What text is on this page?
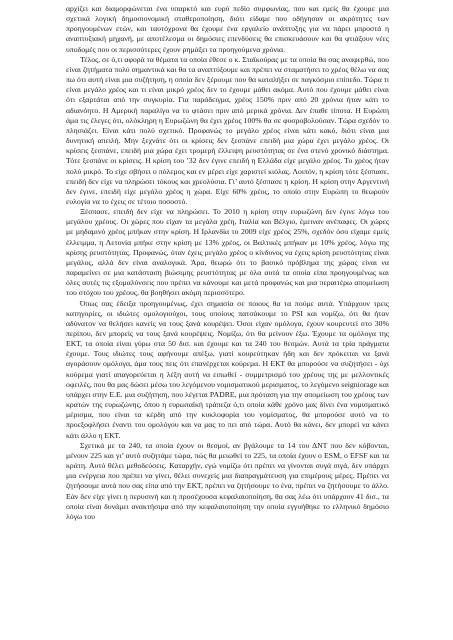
αρχίζει και διαμορφώνεται ένα υπαρκτό και ευρύ πεδίο συμφωνίας, που και εμείς θα έχουμε μια σχετικά λογική δημοσιονομική σταθεροποίηση, διότι είδαμε που οδήγησαν οι ακρότητες των προηγουμένων ετών, και ταυτόχρονα θα έχουμε ένα εργαλείο ανάπτυξης για να πάρει μπροστά η αναπτυξιακή μηχανή, με αποτέλεσμα οι δημόσιες επενδύσεις θα επισκευάσουν και θα φτιάξουν νέες υποδομές που οι περισσότερες έχουν ρημάξει τα προηγούμενα χρόνια.

Τέλος, σε ό,τι αφορά τα θέματα τα οποία έθεσε ο κ. Σταϊκούρας με τα οποία θα σας αναφερθώ, που είναι ζητήματα πολύ σημαντικά και θα τα αναπτύξουμε και πρέπει να σταματήσει το χρέος θέλω να σας πω ότι αυτή είναι μια συζήτηση, η οποία δεν ξέρουμε που θα καταλήξει σε παγκόσμιο επίπεδο. Τώρα τι είναι μεγάλο χρέος και τι είναι μικρό χρέος δεν το έχουμε μάθει ακόμα. Αυτό που έχουμε μάθει είναι ότι εξαρτάται από την συγκυρία. Για παράδειγμα, χρέος 150% πριν από 20 χρόνια ήταν κάτι το αδιανόητο. Η Αμερική παραλίγο να το φτάσει πριν από μερικά χρόνια. Δεν έπαθε τίποτα. Η Ευρώπη άμα τις έλεγες ότι, ολόκληρη η Ευρωζώνη θα έχει χρέος 100% θα σε φυσροβολούσαν. Τώρα σχεδόν το πλησιάζει. Είναι κάτι πολύ σχετικό. Προφανώς το μεγάλο χρέος είναι κάτι κακό, διότι είναι μια δυνητική απειλή. Μην ξεχνάτε ότι οι κρίσεις δεν ξεσπάνε επειδή μια χώρα έχει μεγάλο χρέος. Οι κρίσεις ξεσπάνε, επειδή μια χώρα έχει τρομερή έλλειψη ρευστότητας σε ένα στενό χρονικό διάστημα. Τότε ξεσπάνε οι κρίσεις. Η κρίση του ’32 δεν έγινε επειδή η Ελλάδα είχε μεγάλο χρέος. Το χρέος ήταν πολύ μικρό. Το είχε σβήσει ο πόλεμος και εν μέρει είχε χαριστεί κιόλας. Λοιπόν, η κρίση τότε ξέσπασε, επειδή δεν είχε να πληρώσει τόκους και χρεολύσια. Γι’ αυτό ξέσπασε η κρίση. Η κρίση στην Αργεντινή δεν έγινε, επειδή είχε μεγάλο χρέος η χώρα. Είχε 60% χρέος, το οποίο στην Ευρώπη το θεωρούν ευλογία να το έχεις σε τέτοιο ποσοστό.

Ξέσπασε, επειδή δεν είχε να πληρώσει. Το 2010 η κρίση στην ευρωζώνη δεν έγινε λόγω του μεγάλου χρέους. Οι χώρες που είχαν τα μεγάλα χρέη, Ιταλία και Βέλγιο, έμειναν ανέπαφες. Οι χώρες με μηδαμινό χρέος μπήκαν στην κρίση. Η Ιρλανδία το 2009 είχε χρέος 25%, σχεδόν όσο είχαμε εμείς έλλειμμα, η Λετονία μπήκε στην κρίση με 13% χρέος, οι Βαλτικές μπήκαν με 10% χρέος, λόγω της κρίσης ρευστότητας. Προφανώς, όταν έχεις μεγάλο χρέος ο κίνδυνος να έχεις κρίση ρευστότητας είναι μεγάλος, αλλά δεν είναι αναλογικά. Άρα, θεωρώ ότι το βασικό πρόβλημα της χώρας είναι να παραμείνει σε μια κατάσταση βιώσιμης ρευστότητας με όλα αυτά τα οποία είπα προηγουμένως και όλες αυτές τις εξομαλύνσεις που πρέπει να κάνουμε και μετά προφανώς και μια περαιτέρω απομείωση του στόχου του χρέους, θα βοηθήσει ακόμη περισσότερο.

Όπως σας έδειξα προηγουμένως, έχει σημασία σε ποιους θα τα πούμε αυτά. Υπάρχουν τρεις κατηγορίες, οι ιδιώτες ομολογιούχοι, τους οποίους πατσάκουμε το PSI και νομίζω, ότι θα ήταν αδύνατον να θελήσει κανείς να τους ξανά κουρέψει. Όσοι είχαν ομόλογα, έχουν κουρευτεί στο 30% περίπου, δεν μπορείς να τους ξανά κουρέψεις. Νομίζω, ότι θα μείνουν έξω. Έχουμε τα ομόλογα της ΕΚΤ, τα οποία είναι γύρω στα 50 δισ. και έχουμε και τα 240 του θεσμών. Αυτά τα τρία πράγματα έχουμε. Τους ιδιώτες τους αφήνουμε απέξω, γιατί κουρεύτηκαν ήδη και δεν πρόκειται να ξανά αγοράσουν ομόλογα, άμα τους πεις ότι επανέρχεται κούρεμα. Η ΕΚΤ θα μπορούσε να συζητήσει - όχι κούρεμα γιατί απαγορεύεται η λέξη αυτή να ειπωθεί - συμμετρισμό του χρέους της με μελλοντικές οφειλές, που θα μας δώσει μέσω του λεγόμενου νομισματικού μερισματος, το λεγόμενο seigniorage και υπάρχει στην Ε.Ε. μια συζήτηση, που λέγεται PADRE, μια πρόταση για την απομείωση του χρέους των κρατών της ευρωζώνης, όπου η ευρωπαϊκή τράπεζα ό,τι οποία κάθε χρόνο μας δίνει ένα νομισματικό μέρισμα, που είναι τα κέρδη από την κυκλοφορία του νομίσματος, θα μπορούσε αυτό να το προεξοφλήσει έναντι του ομολόγου και να μας το πει από τώρα. Αυτό θα κάνει, δεν μπορεί να κάνει κάτι άλλο η ΕΚΤ.

Σχετικά με τα 240, τα οποία έχουν οι θεσμοί, αν βγάλουμε τα 14 του ΔΝΤ που δεν κόβονται, μένουν 225 και γι’ αυτό συζητάμε τώρα, πώς θα μειωθεί το 225, τα οποία έχουν ο ESM, ο EFSF και τα κράτη. Αυτό θέλει μεθοδεύσεις. Καταρχήν, εγώ νομίζω ότι πρέπει να γίνονται συγά σιγά, δεν υπάρχει μια ενέργεια που πρέπει να γίνει, θέλει συνεχείς μια διαπραγμάτευση για επιμέρους μέρες. Πρέπει να ζητήσουμε αυτά που σας είπα από την ΕΚΤ, πρέπει να ζητήσουμε το ένα, πρέπει να ζητήσουμε το άλλο. Εάν δεν είχε γίνει η περυσινή και η προσέχουσα κεφαλαιοποίηση, θα σας λέω ότι υπάρχουν 41 δισ., τα οποία είναι δυνάμει ανακτήσιμα από την κεφαλαιοποίηση την οποία εγγυήθηκε το ελληνικό δημόσιο λόγω του
